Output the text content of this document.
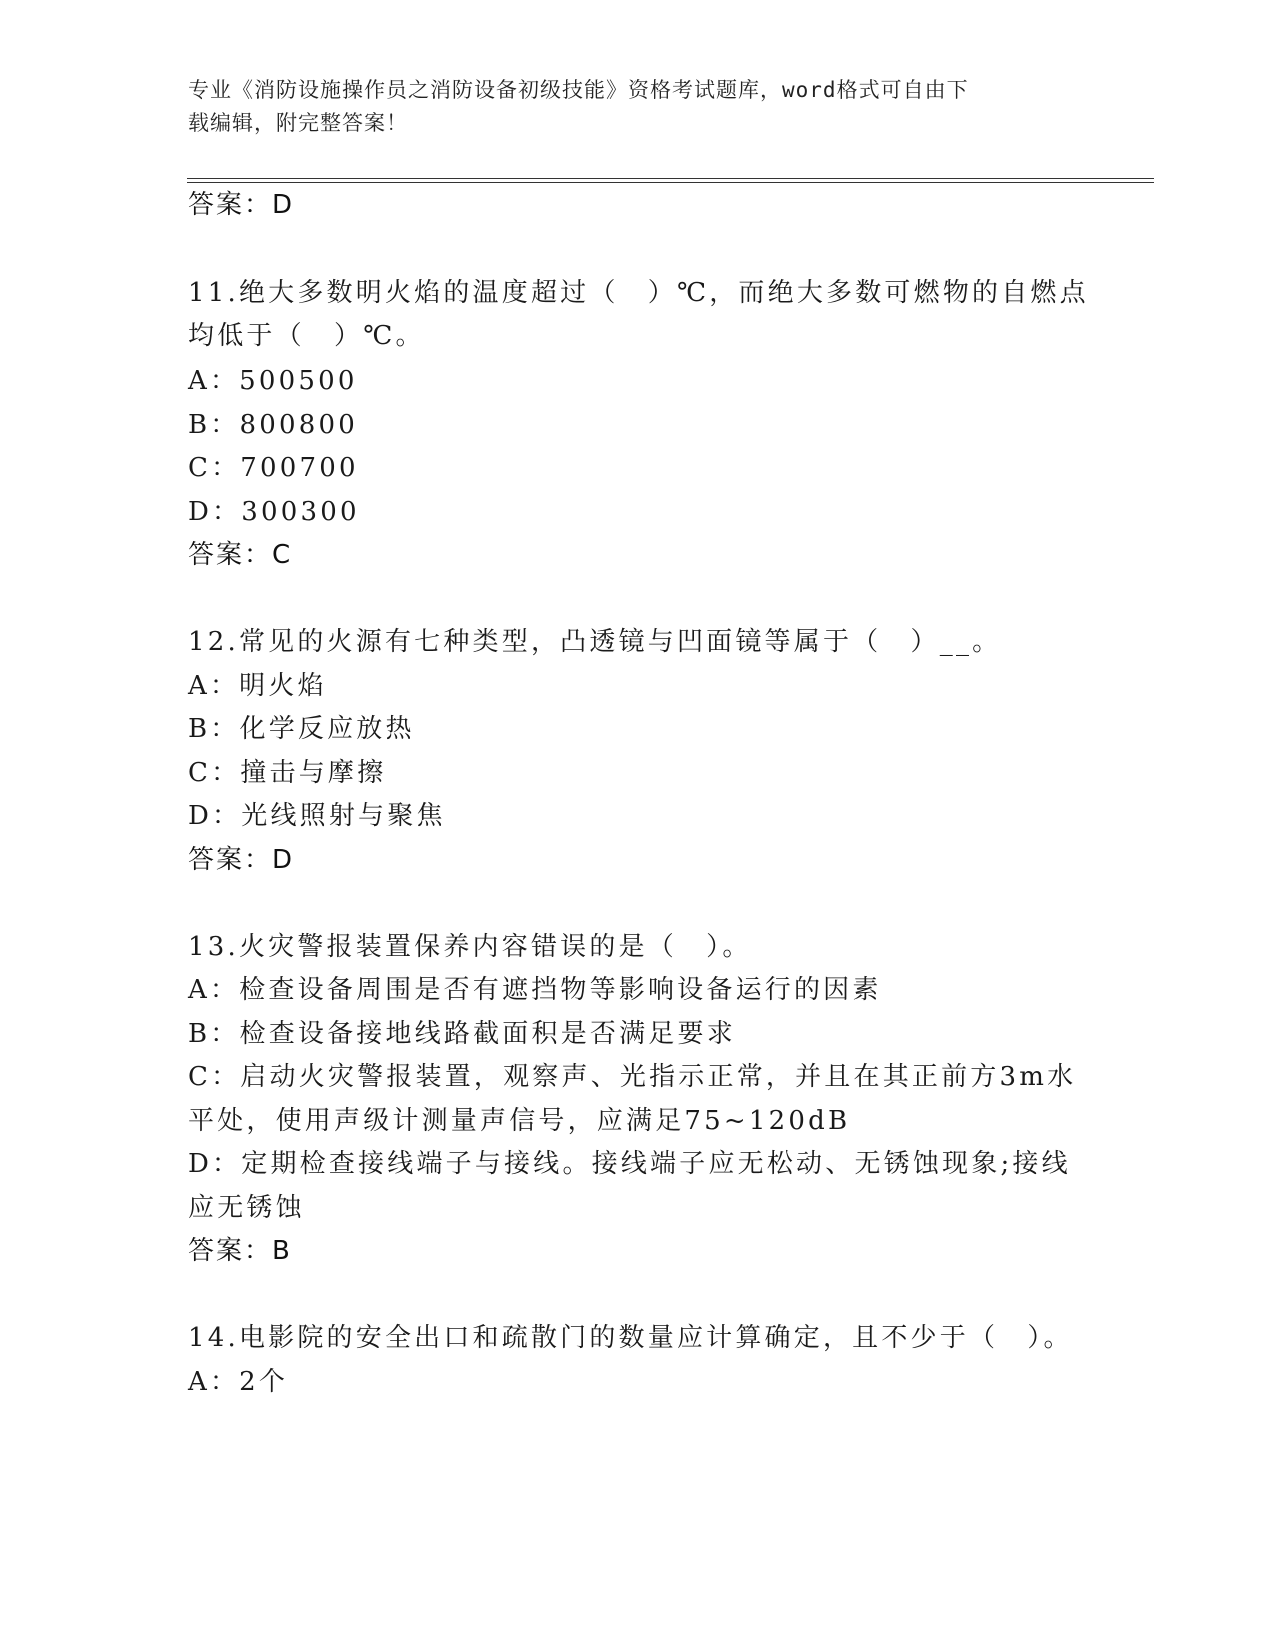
专业《消防设施操作员之消防设备初级技能》资格考试题库，word格式可自由下
载编辑，附完整答案！
答案：D
11.绝大多数明火焰的温度超过（　）℃，而绝大多数可燃物的自燃点
均低于（　）℃。
A：500500
B：800800
C：700700
D：300300
答案：C
12.常见的火源有七种类型，凸透镜与凹面镜等属于（　）__。
A：明火焰
B：化学反应放热
C：撞击与摩擦
D：光线照射与聚焦
答案：D
13.火灾警报装置保养内容错误的是（　）。
A：检查设备周围是否有遮挡物等影响设备运行的因素
B：检查设备接地线路截面积是否满足要求
C：启动火灾警报装置，观察声、光指示正常，并且在其正前方3m水
平处，使用声级计测量声信号，应满足75~120dB
D：定期检查接线端子与接线。接线端子应无松动、无锈蚀现象;接线
应无锈蚀
答案：B
14.电影院的安全出口和疏散门的数量应计算确定，且不少于（　）。
A：2个
